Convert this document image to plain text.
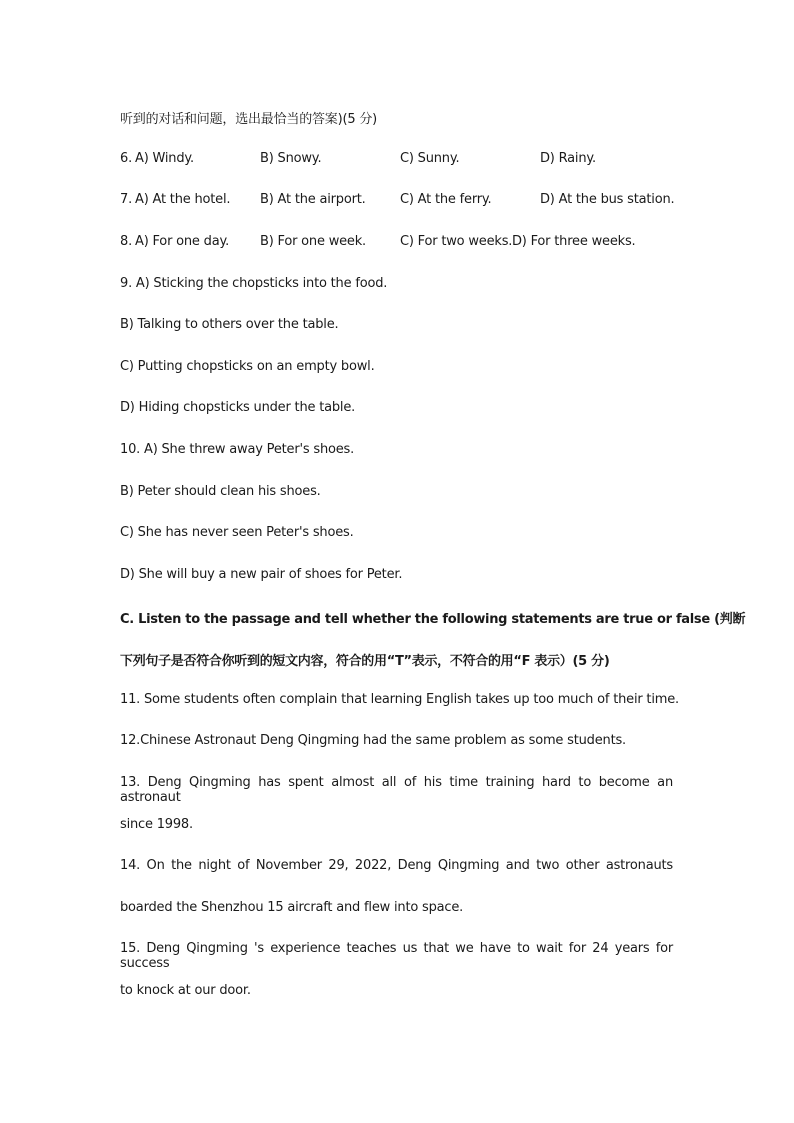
听到的对话和问题，选出最恰当的答案)(5 分)
6. A) Windy.	B) Snowy.	C) Sunny.	D) Rainy.
7. A) At the hotel. B) At the airport.	C) At the ferry.	D) At the bus station.
8. A) For one day. B) For one week.	C) For two weeks. D) For three weeks.
9. A) Sticking the chopsticks into the food.
B) Talking to others over the table.
C) Putting chopsticks on an empty bowl.
D) Hiding chopsticks under the table.
10. A) She threw away Peter's shoes.
B) Peter should clean his shoes.
C) She has never seen Peter's shoes.
D) She will buy a new pair of shoes for Peter.
C. Listen to the passage and tell whether the following statements are true or false (判断
下列句子是否符合你听到的短文内容，符合的用“T”表示，不符合的用“F 表示）(5 分)
11. Some students often complain that learning English takes up too much of their time.
12.Chinese Astronaut Deng Qingming had the same problem as some students.
13. Deng Qingming has spent almost all of his time training hard to become an astronaut
since 1998.
14. On the night of November 29, 2022, Deng Qingming and two other astronauts
boarded the Shenzhou 15 aircraft and flew into space.
15. Deng Qingming 's experience teaches us that we have to wait for 24 years for success
to knock at our door.
